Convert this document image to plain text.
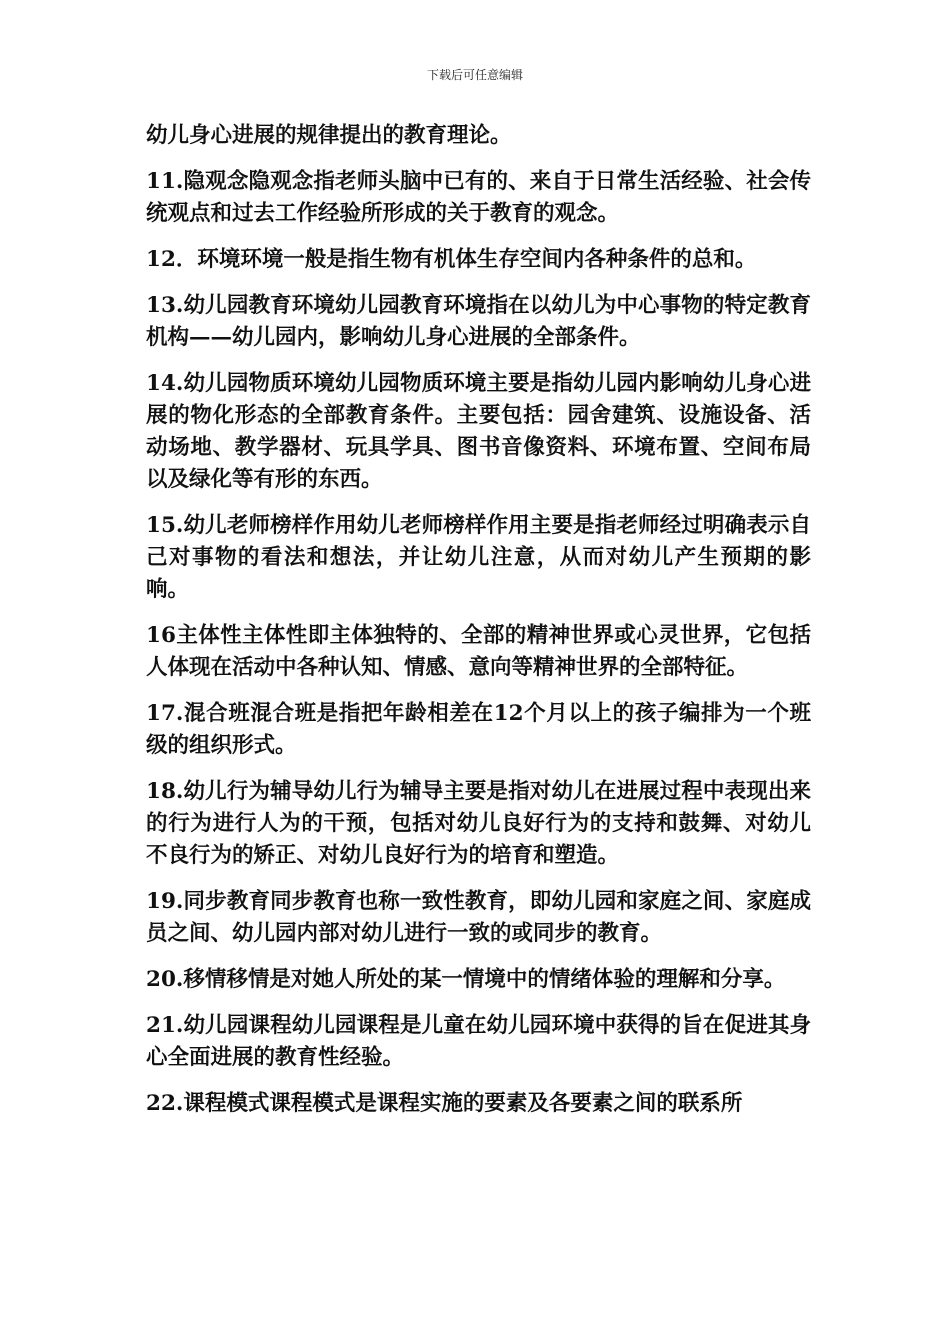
下载后可任意编辑

幼儿身心进展的规律提出的教育理论。

11.隐观念隐观念指老师头脑中已有的、来自于日常生活经验、社会传统观点和过去工作经验所形成的关于教育的观念。

12．环境环境一般是指生物有机体生存空间内各种条件的总和。

13.幼儿园教育环境幼儿园教育环境指在以幼儿为中心事物的特定教育机构——幼儿园内，影响幼儿身心进展的全部条件。

14.幼儿园物质环境幼儿园物质环境主要是指幼儿园内影响幼儿身心进展的物化形态的全部教育条件。主要包括：园舍建筑、设施设备、活动场地、教学器材、玩具学具、图书音像资料、环境布置、空间布局以及绿化等有形的东西。

15.幼儿老师榜样作用幼儿老师榜样作用主要是指老师经过明确表示自己对事物的看法和想法，并让幼儿注意，从而对幼儿产生预期的影响。

16主体性主体性即主体独特的、全部的精神世界或心灵世界，它包括人体现在活动中各种认知、情感、意向等精神世界的全部特征。

17.混合班混合班是指把年龄相差在12个月以上的孩子编排为一个班级的组织形式。

18.幼儿行为辅导幼儿行为辅导主要是指对幼儿在进展过程中表现出来的行为进行人为的干预，包括对幼儿良好行为的支持和鼓舞、对幼儿不良行为的矫正、对幼儿良好行为的培育和塑造。

19.同步教育同步教育也称一致性教育，即幼儿园和家庭之间、家庭成员之间、幼儿园内部对幼儿进行一致的或同步的教育。

20.移情移情是对她人所处的某一情境中的情绪体验的理解和分享。

21.幼儿园课程幼儿园课程是儿童在幼儿园环境中获得的旨在促进其身心全面进展的教育性经验。

22.课程模式课程模式是课程实施的要素及各要素之间的联系所
